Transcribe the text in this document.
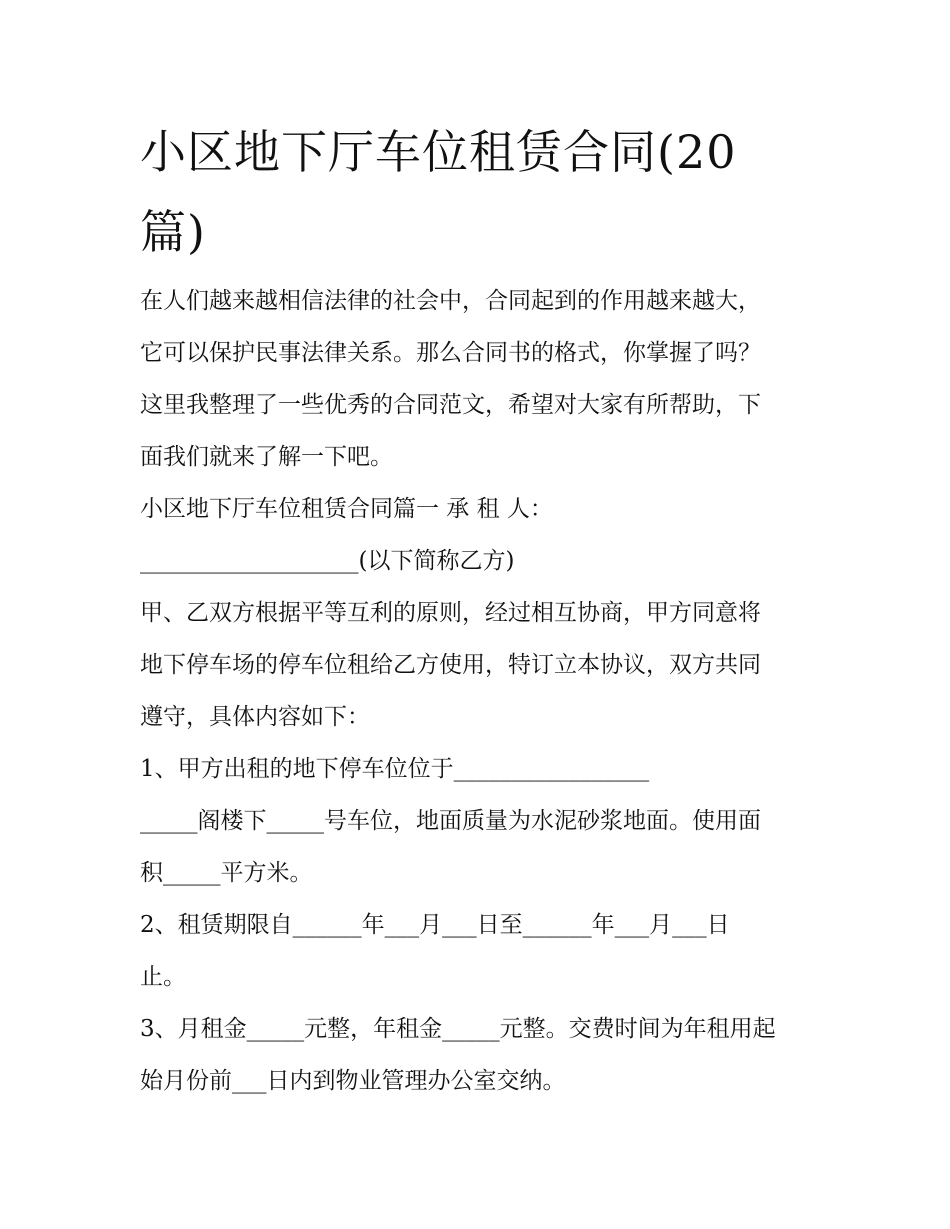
小区地下厅车位租赁合同(20
篇)

在人们越来越相信法律的社会中，合同起到的作用越来越大，

它可以保护民事法律关系。那么合同书的格式，你掌握了吗？

这里我整理了一些优秀的合同范文，希望对大家有所帮助，下

面我们就来了解一下吧。

小区地下厅车位租赁合同篇一 承 租 人：

___________________(以下简称乙方)

甲、乙双方根据平等互利的原则，经过相互协商，甲方同意将

地下停车场的停车位租给乙方使用，特订立本协议，双方共同

遵守，具体内容如下：

1、甲方出租的地下停车位位于_________________

_____阁楼下_____号车位，地面质量为水泥砂浆地面。使用面

积_____平方米。

2、租赁期限自______年___月___日至______年___月___日

止。

3、月租金_____元整，年租金_____元整。交费时间为年租用起

始月份前___日内到物业管理办公室交纳。
